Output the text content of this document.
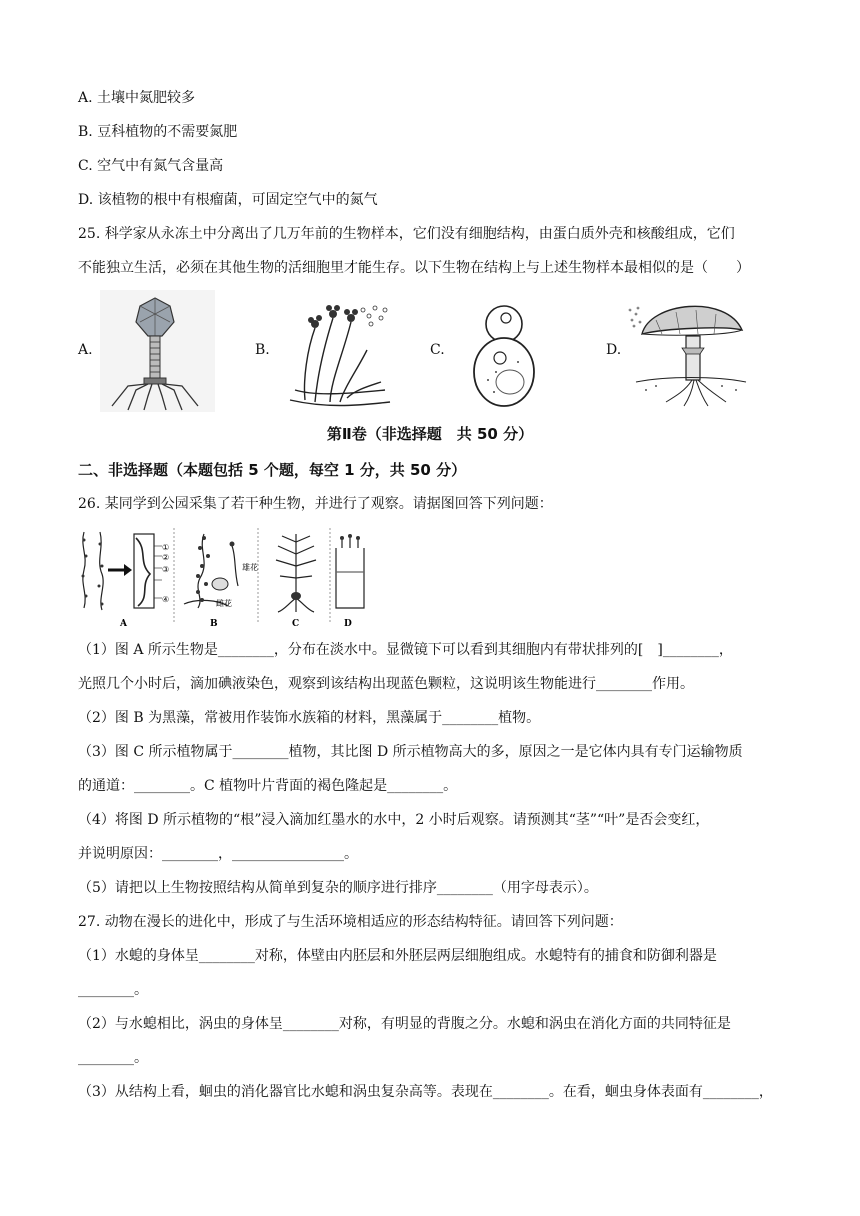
A. 土壤中氮肥较多
B. 豆科植物的不需要氮肥
C. 空气中有氮气含量高
D. 该植物的根中有根瘤菌，可固定空气中的氮气
25. 科学家从永冻土中分离出了几万年前的生物样本，它们没有细胞结构，由蛋白质外壳和核酸组成，它们
不能独立生活，必须在其他生物的活细胞里才能生存。以下生物在结构上与上述生物样本最相似的是（　　）
A.	B.	C.	D.
第Ⅱ卷（非选择题　共 50 分）
二、非选择题（本题包括 5 个题，每空 1 分，共 50 分）
26. 某同学到公园采集了若干种生物，并进行了观察。请据图回答下列问题：
①
②
③
④
A
雄花
雌花
B	C	D
（1）图 A 所示生物是________，分布在淡水中。显微镜下可以看到其细胞内有带状排列的[　]________，
光照几个小时后，滴加碘液染色，观察到该结构出现蓝色颗粒，这说明该生物能进行________作用。
（2）图 B 为黑藻，常被用作装饰水族箱的材料，黑藻属于________植物。
（3）图 C 所示植物属于________植物，其比图 D 所示植物高大的多，原因之一是它体内具有专门运输物质
的通道：________。C 植物叶片背面的褐色隆起是________。
（4）将图 D 所示植物的“根”浸入滴加红墨水的水中，2 小时后观察。请预测其“茎”“叶”是否会变红，
并说明原因：________，________________。
（5）请把以上生物按照结构从简单到复杂的顺序进行排序________（用字母表示）。
27. 动物在漫长的进化中，形成了与生活环境相适应的形态结构特征。请回答下列问题：
（1）水螅的身体呈________对称，体壁由内胚层和外胚层两层细胞组成。水螅特有的捕食和防御利器是
________。
（2）与水螅相比，涡虫的身体呈________对称，有明显的背腹之分。水螅和涡虫在消化方面的共同特征是
________。
（3）从结构上看，蛔虫的消化器官比水螅和涡虫复杂高等。表现在________。在看，蛔虫身体表面有________，
